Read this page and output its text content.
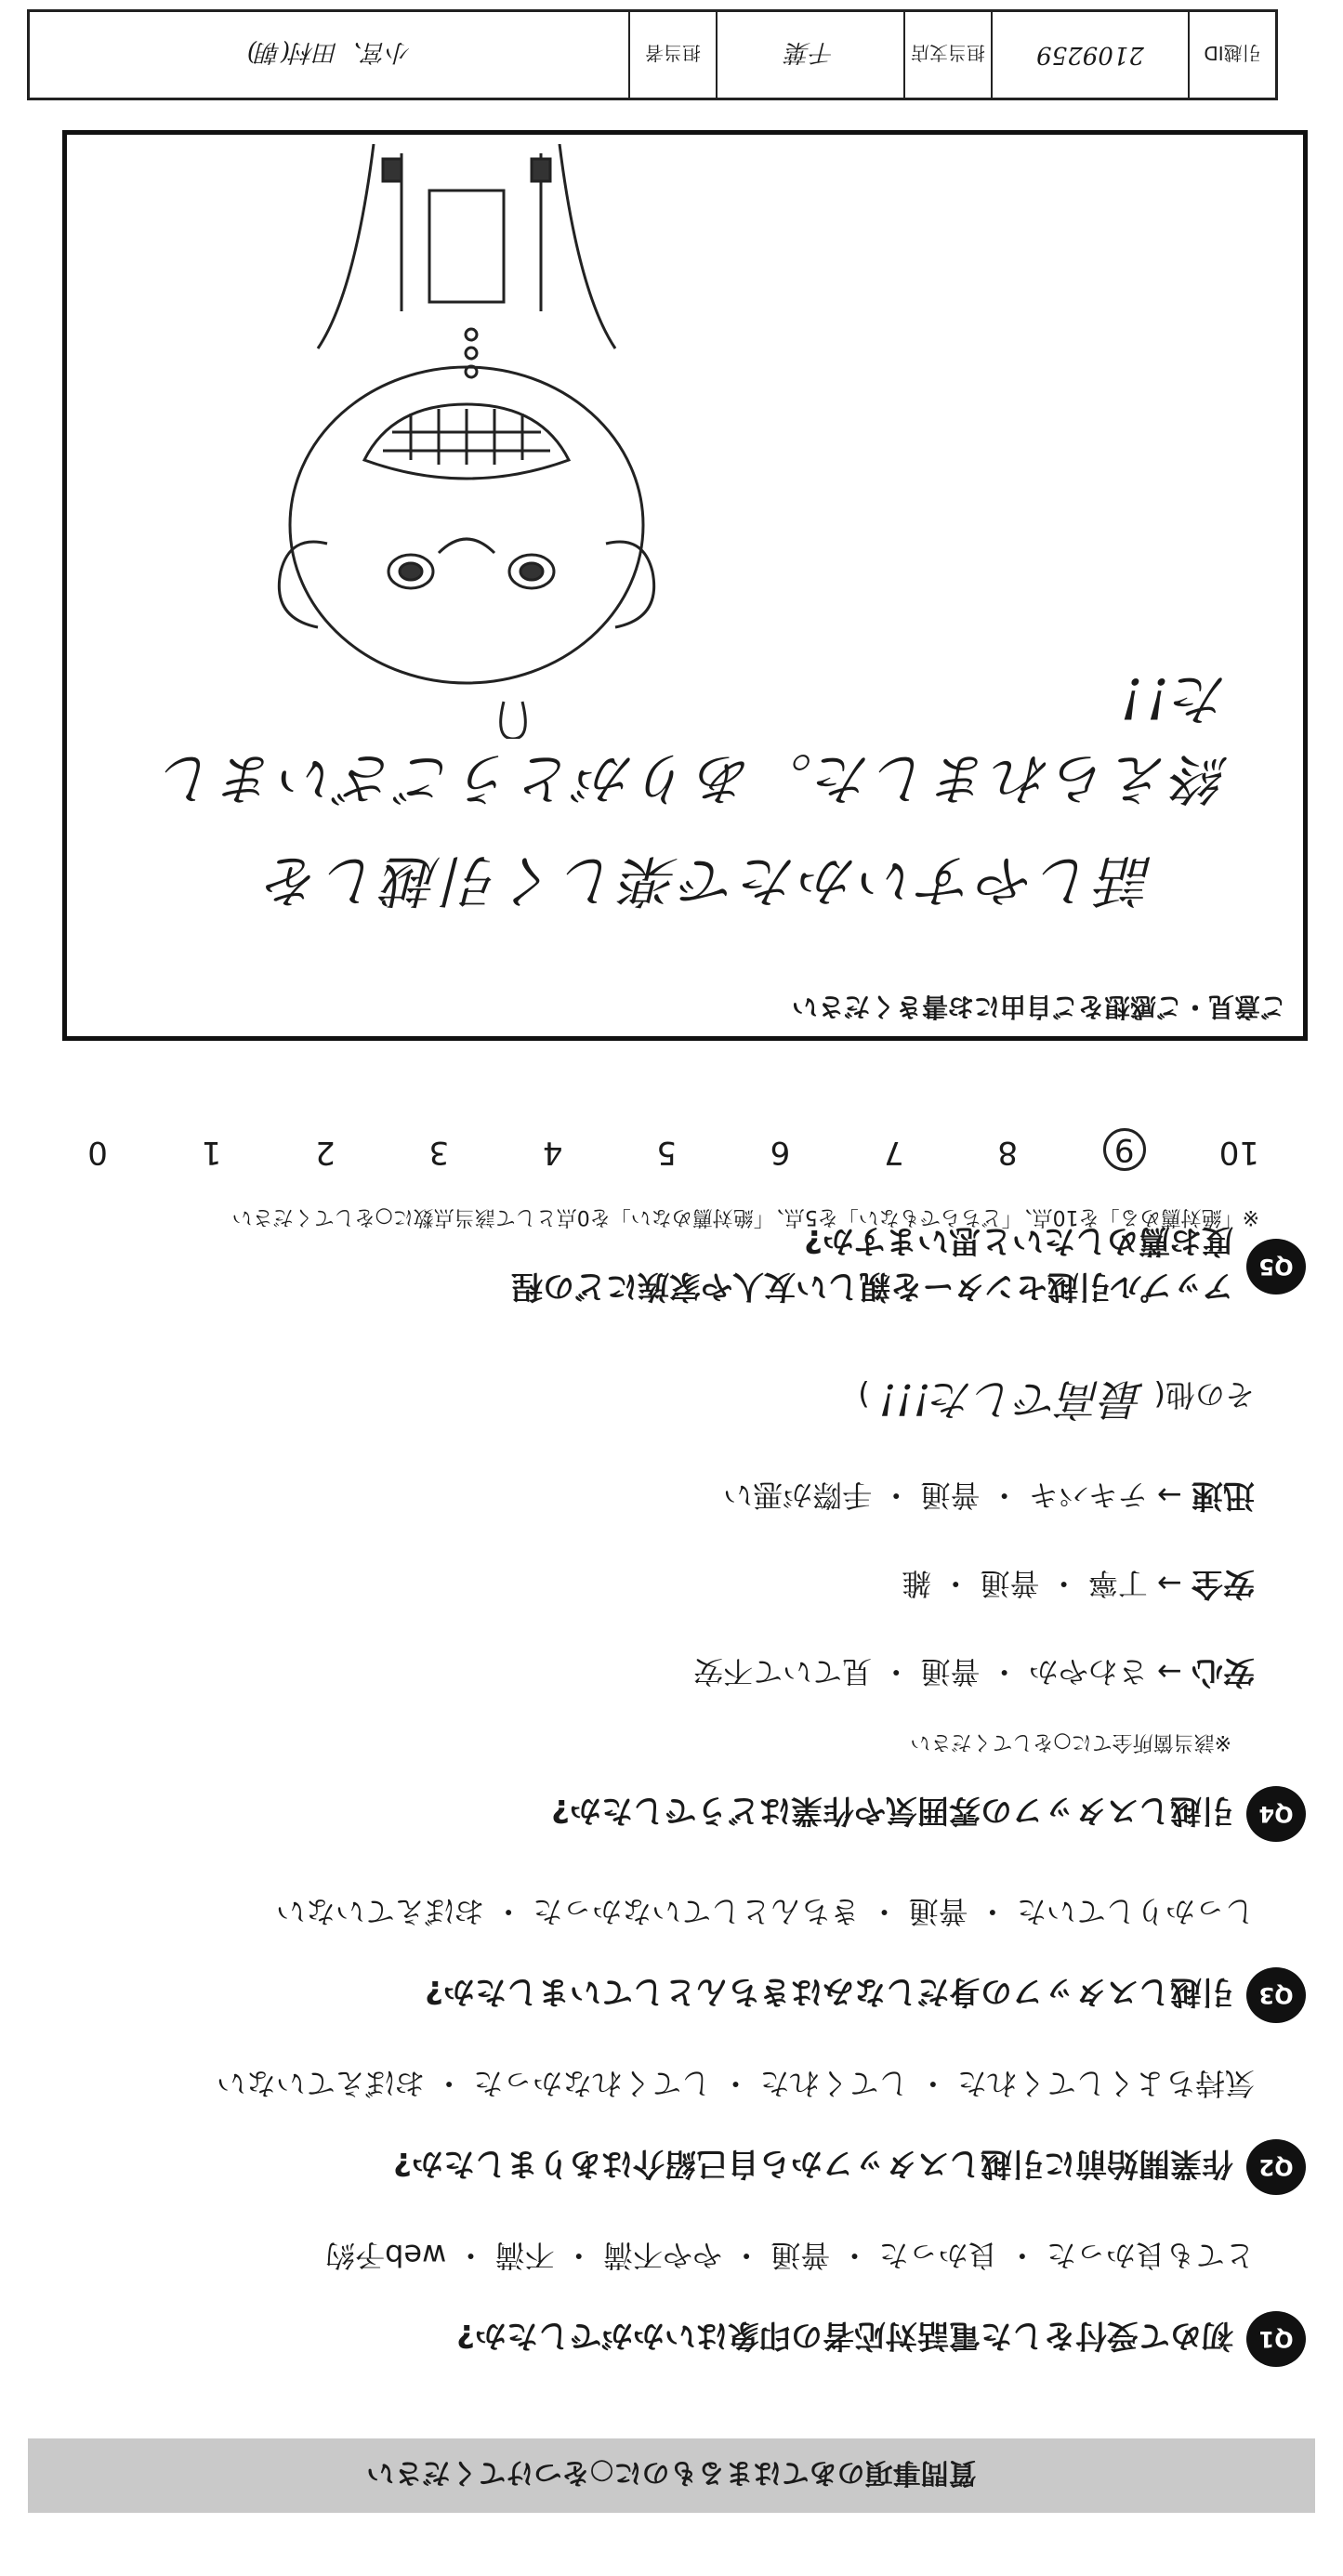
引越ID
2109259
担当支店
千葉
担当者
小宮、田村(朝)
ご意見・ご感想をご自由にお書きください
話しやすいかたで楽しく引越しを
終えられました。ありがとうございました!!
10
9
8
7
6
5
4
3
2
1
0
※「絶対薦める」を10点、「どちらでもない」を5点、「絶対薦めない」を0点として該当点数に○をしてください
Q5
アップル引越センターを親しい友人や家族にどの程度お薦めしたいと思いますか?
その他( 最高でした!!! )
迅速 → テキパキ ・ 普通 ・ 手際が悪い
安全 → 丁寧 ・ 普通 ・ 雑
安心 → さわやか ・ 普通 ・ 見ていて不安
※該当箇所全てに○をしてください
Q4
引越しスタッフの雰囲気や作業はどうでしたか?
しっかりしていた ・ 普通 ・ きちんとしていなかった ・ おぼえていない
Q3
引越しスタッフの身だしなみはきちんとしていましたか?
気持ちよくしてくれた ・ してくれた ・ してくれなかった ・ おぼえていない
Q2
作業開始前に引越しスタッフから自己紹介はありましたか?
とても良かった ・ 良かった ・ 普通 ・ やや不満 ・ 不満 ・ web予約
Q1
初めて受付をした電話対応者の印象はいかがでしたか?
質問事項のあてはまるものに○をつけてください
